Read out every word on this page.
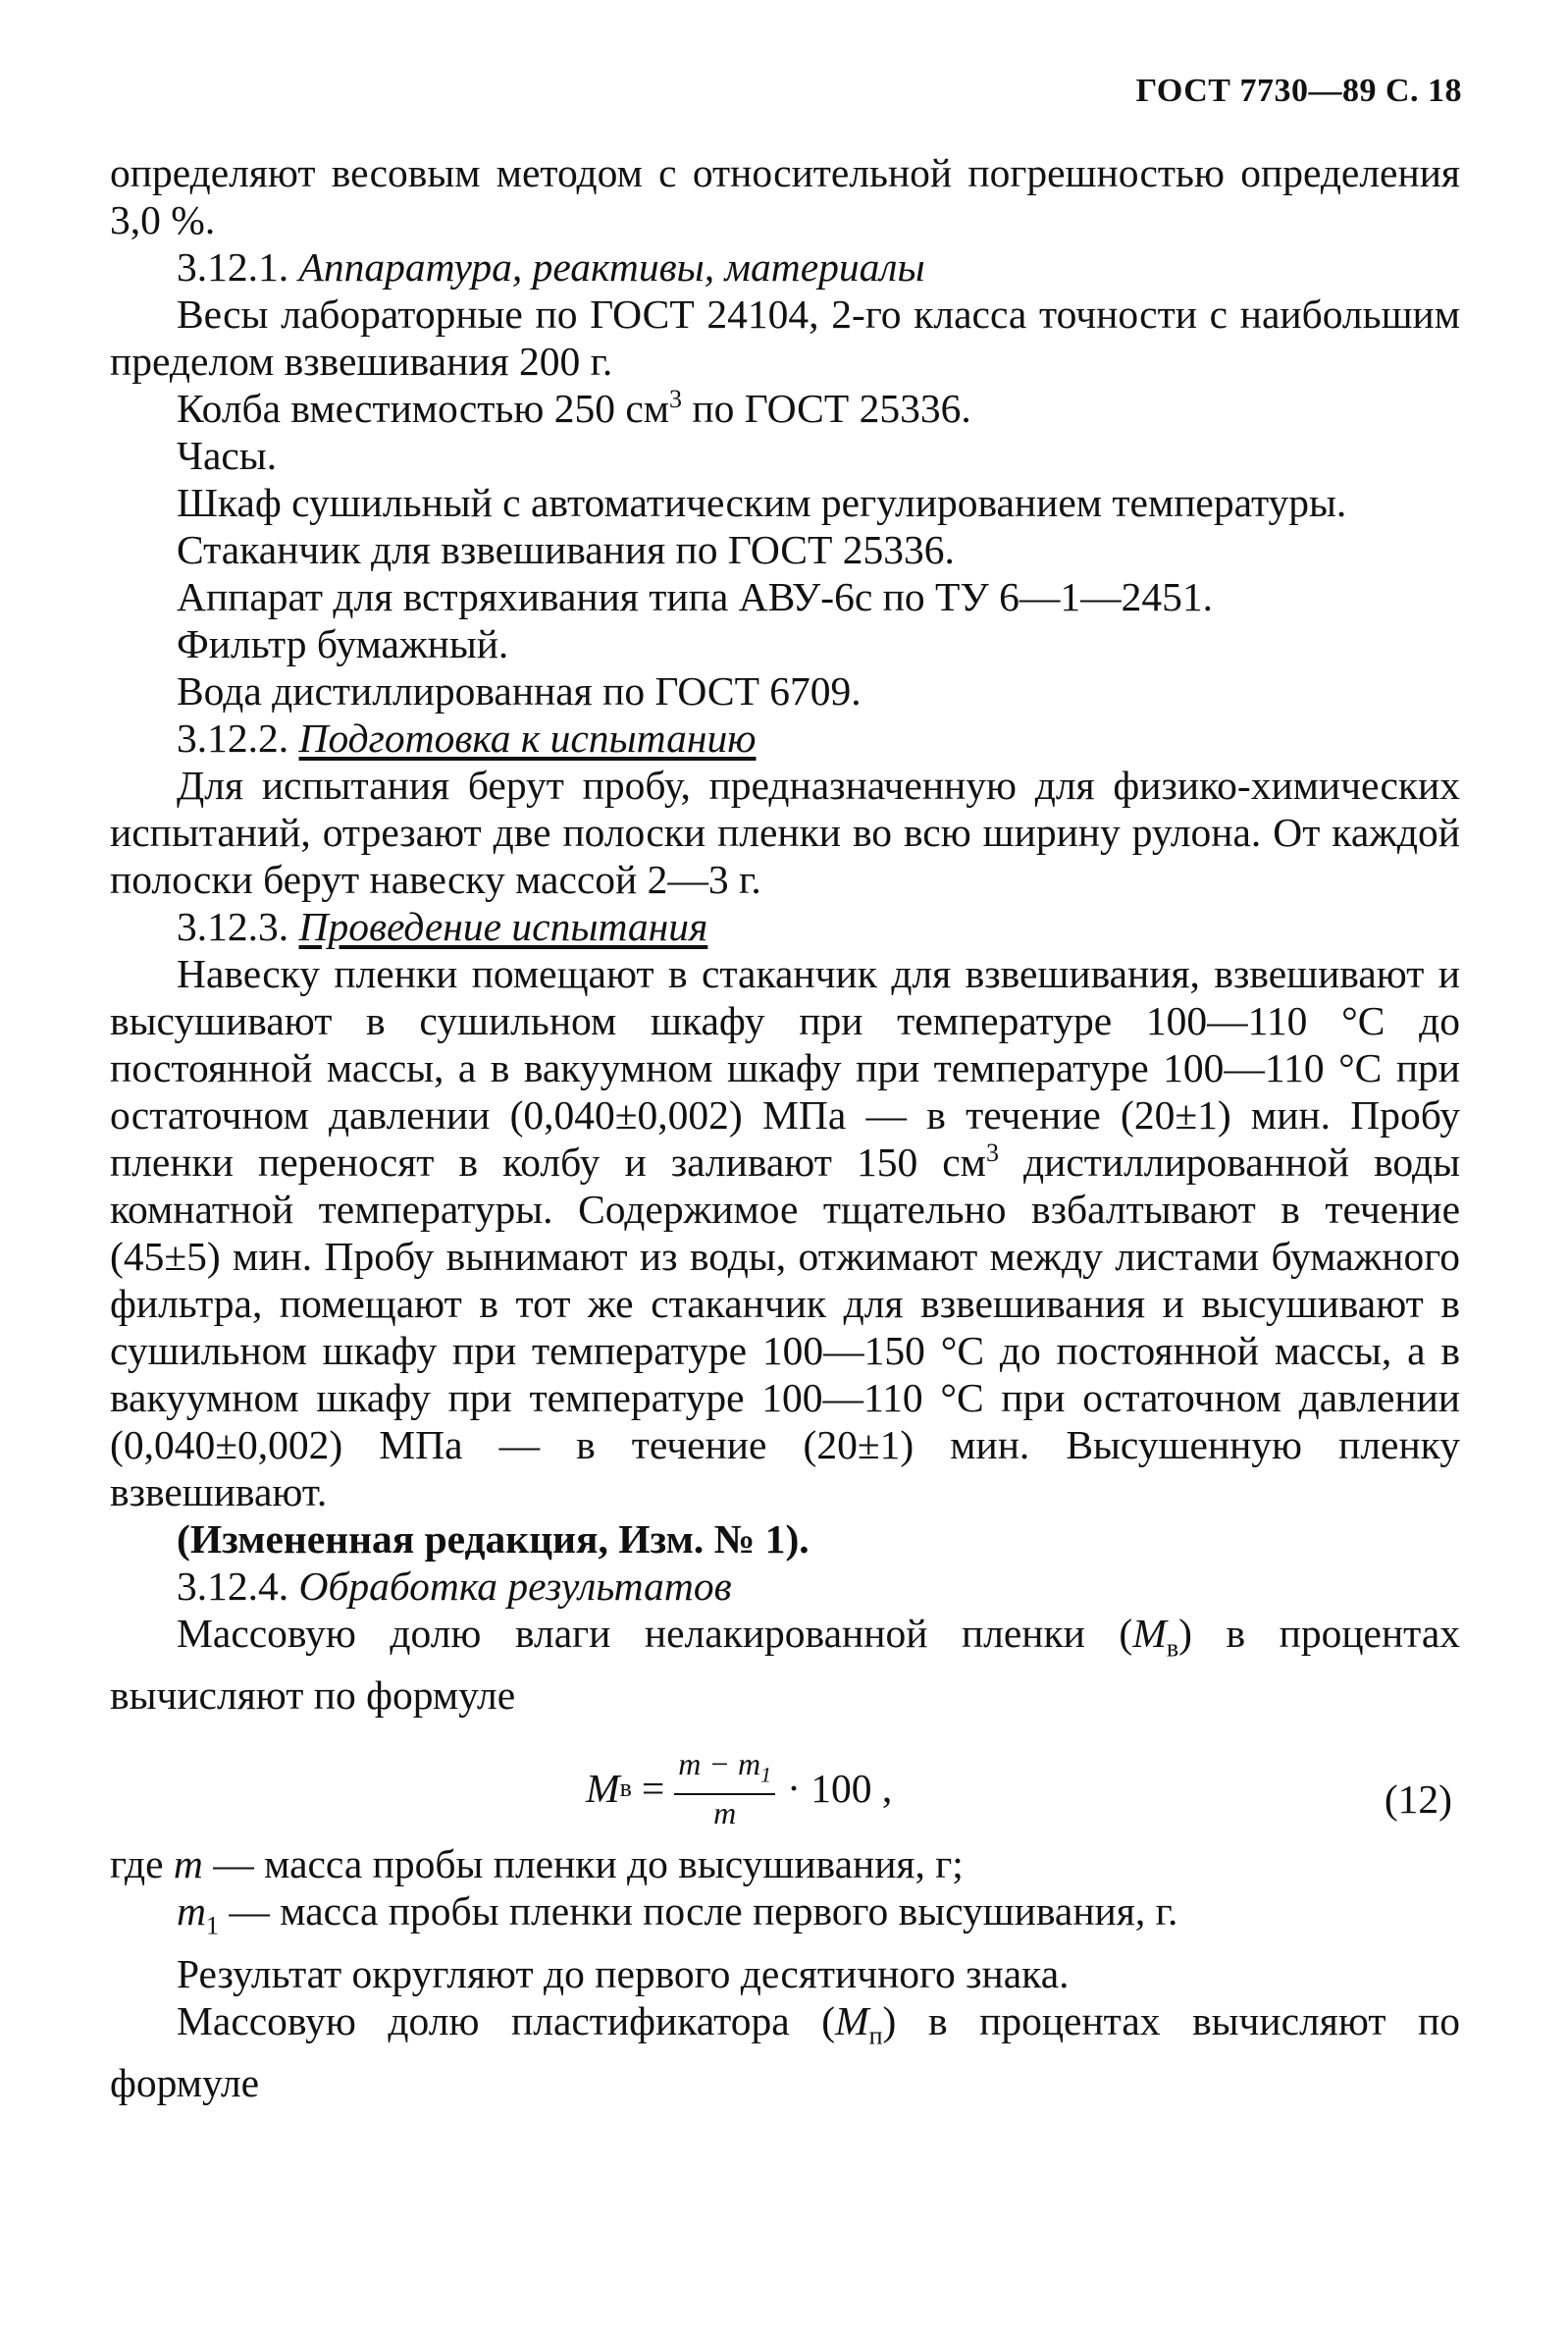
ГОСТ 7730—89 С. 18

определяют весовым методом с относительной погрешностью определения 3,0 %.

3.12.1. Аппаратура, реактивы, материалы

Весы лабораторные по ГОСТ 24104, 2-го класса точности с наибольшим пределом взвешивания 200 г.

Колба вместимостью 250 $см^3$ по ГОСТ 25336.

Часы.

Шкаф сушильный с автоматическим регулированием температуры.

Стаканчик для взвешивания по ГОСТ 25336.

Аппарат для встряхивания типа АВУ-6с по ТУ 6—1—2451.

Фильтр бумажный.

Вода дистиллированная по ГОСТ 6709.

3.12.2. Подготовка к испытанию

Для испытания берут пробу, предназначенную для физико-химических испытаний, отрезают две полоски пленки во всю ширину рулона. От каждой полоски берут навеску массой 2—3 г.

3.12.3. Проведение испытания

Навеску пленки помещают в стаканчик для взвешивания, взвешивают и высушивают в сушильном шкафу при температуре 100—110 °С до постоянной массы, а в вакуумном шкафу при температуре 100—110 °С при остаточном давлении (0,040±0,002) МПа — в течение (20±1) мин. Пробу пленки переносят в колбу и заливают 150 $см^3$ дистиллированной воды комнатной температуры. Содержимое тщательно взбалтывают в течение (45±5) мин. Пробу вынимают из воды, отжимают между листами бумажного фильтра, помещают в тот же стаканчик для взвешивания и высушивают в сушильном шкафу при температуре 100—150 °С до постоянной массы, а в вакуумном шкафу при температуре 100—110 °С при остаточном давлении (0,040±0,002) МПа — в течение (20±1) мин. Высушенную пленку взвешивают.

(Измененная редакция, Изм. № 1).

3.12.4. Обработка результатов

Массовую долю влаги нелакированной пленки $(M_в)$ в процентах вычисляют по формуле

M $в = \frac{m - m_1}{m} \cdot 100$ ,	(12)

где m — масса пробы пленки до высушивания, г;

$m_1$ — масса пробы пленки после первого высушивания, г.

Результат округляют до первого десятичного знака.

Массовую долю пластификатора $(M_п)$ в процентах вычисляют по формуле
